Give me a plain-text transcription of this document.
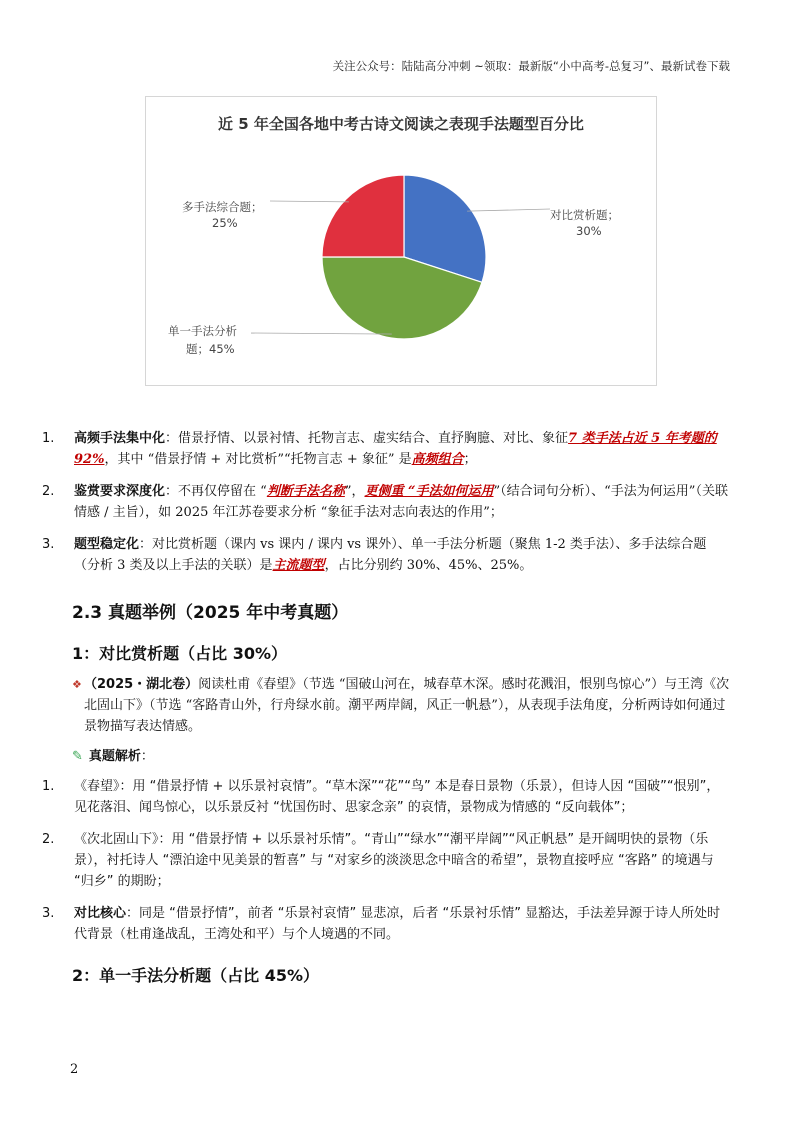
关注公众号：陆陆高分冲刺 ~领取：最新版“小中高考-总复习”、最新试卷下载
近 5 年全国各地中考古诗文阅读之表现手法题型百分比
对比赏析题；
30%
单一手法分析
题；45%
多手法综合题；
25%
1. 高频手法集中化：借景抒情、以景衬情、托物言志、虚实结合、直抒胸臆、对比、象征7 类手法占近 5 年考题的 92%，其中 “借景抒情 + 对比赏析”“托物言志 + 象征” 是高频组合；
2. 鉴赏要求深度化：不再仅停留在 “判断手法名称”，更侧重 “手法如何运用”（结合词句分析）、“手法为何运用”（关联情感 / 主旨），如 2025 年江苏卷要求分析 “象征手法对志向表达的作用”；
3. 题型稳定化：对比赏析题（课内 vs 课内 / 课内 vs 课外）、单一手法分析题（聚焦 1-2 类手法）、多手法综合题（分析 3 类及以上手法的关联）是主流题型，占比分别约 30%、45%、25%。
2.3 真题举例（2025 年中考真题）
1：对比赏析题（占比 30%）
❖ （2025・湖北卷）阅读杜甫《春望》（节选 “国破山河在，城春草木深。感时花溅泪，恨别鸟惊心”）与王湾《次北固山下》（节选 “客路青山外，行舟绿水前。潮平两岸阔，风正一帆悬”），从表现手法角度，分析两诗如何通过景物描写表达情感。
✎ 真题解析：
1. 《春望》：用 “借景抒情 + 以乐景衬哀情”。“草木深”“花”“鸟” 本是春日景物（乐景），但诗人因 “国破”“恨别”，见花落泪、闻鸟惊心，以乐景反衬 “忧国伤时、思家念亲” 的哀情，景物成为情感的 “反向载体”；
2. 《次北固山下》：用 “借景抒情 + 以乐景衬乐情”。“青山”“绿水”“潮平岸阔”“风正帆悬” 是开阔明快的景物（乐景），衬托诗人 “漂泊途中见美景的暂喜” 与 “对家乡的淡淡思念中暗含的希望”，景物直接呼应 “客路” 的境遇与 “归乡” 的期盼；
3. 对比核心：同是 “借景抒情”，前者 “乐景衬哀情” 显悲凉，后者 “乐景衬乐情” 显豁达，手法差异源于诗人所处时代背景（杜甫逢战乱，王湾处和平）与个人境遇的不同。
2：单一手法分析题（占比 45%）
2
